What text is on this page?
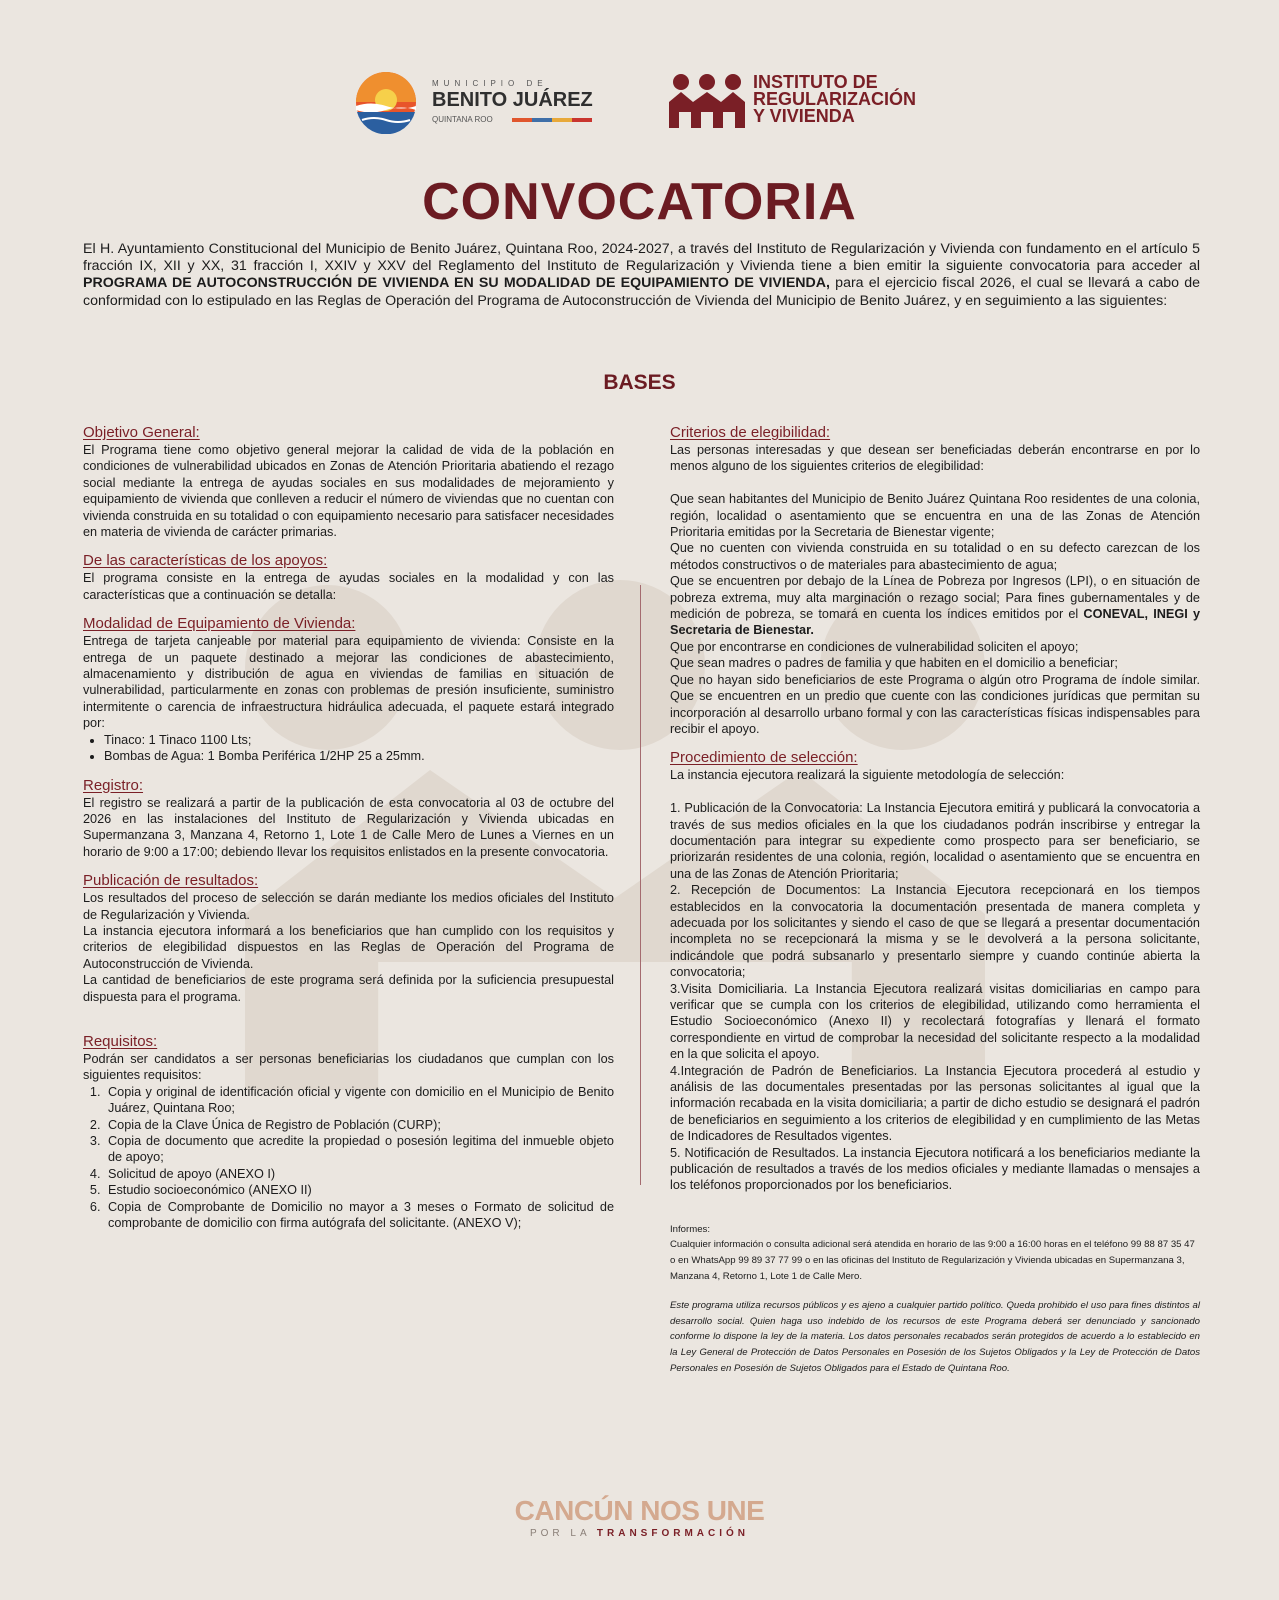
MUNICIPIO DE
BENITO JUÁREZ
QUINTANA ROO
INSTITUTO DE
REGULARIZACIÓN
Y VIVIENDA
CONVOCATORIA

El H. Ayuntamiento Constitucional del Municipio de Benito Juárez, Quintana Roo, 2024-2027, a través del Instituto de Regularización y Vivienda con fundamento en el artículo 5 fracción IX, XII y XX, 31 fracción I, XXIV y XXV del Reglamento del Instituto de Regularización y Vivienda tiene a bien emitir la siguiente convocatoria para acceder al PROGRAMA DE AUTOCONSTRUCCIÓN DE VIVIENDA EN SU MODALIDAD DE EQUIPAMIENTO DE VIVIENDA, para el ejercicio fiscal 2026, el cual se llevará a cabo de conformidad con lo estipulado en las Reglas de Operación del Programa de Autoconstrucción de Vivienda del Municipio de Benito Juárez, y en seguimiento a las siguientes:

BASES
Objetivo General:

El Programa tiene como objetivo general mejorar la calidad de vida de la población en condiciones de vulnerabilidad ubicados en Zonas de Atención Prioritaria abatiendo el rezago social mediante la entrega de ayudas sociales en sus modalidades de mejoramiento y equipamiento de vivienda que conlleven a reducir el número de viviendas que no cuentan con vivienda construida en su totalidad o con equipamiento necesario para satisfacer necesidades en materia de vivienda de carácter primarias.

De las características de los apoyos:

El programa consiste en la entrega de ayudas sociales en la modalidad y con las características que a continuación se detalla:

Modalidad de Equipamiento de Vivienda:

Entrega de tarjeta canjeable por material para equipamiento de vivienda: Consiste en la entrega de un paquete destinado a mejorar las condiciones de abastecimiento, almacenamiento y distribución de agua en viviendas de familias en situación de vulnerabilidad, particularmente en zonas con problemas de presión insuficiente, suministro intermitente o carencia de infraestructura hidráulica adecuada, el paquete estará integrado por:

• Tinaco: 1 Tinaco 1100 Lts;
• Bombas de Agua: 1 Bomba Periférica 1/2HP 25 a 25mm.
Registro:

El registro se realizará a partir de la publicación de esta convocatoria al 03 de octubre del 2026 en las instalaciones del Instituto de Regularización y Vivienda ubicadas en Supermanzana 3, Manzana 4, Retorno 1, Lote 1 de Calle Mero de Lunes a Viernes en un horario de 9:00 a 17:00; debiendo llevar los requisitos enlistados en la presente convocatoria.

Publicación de resultados:

Los resultados del proceso de selección se darán mediante los medios oficiales del Instituto de Regularización y Vivienda.

La instancia ejecutora informará a los beneficiarios que han cumplido con los requisitos y criterios de elegibilidad dispuestos en las Reglas de Operación del Programa de Autoconstrucción de Vivienda.

La cantidad de beneficiarios de este programa será definida por la suficiencia presupuestal dispuesta para el programa.

Requisitos:

Podrán ser candidatos a ser personas beneficiarias los ciudadanos que cumplan con los siguientes requisitos:

1. Copia y original de identificación oficial y vigente con domicilio en el Municipio de Benito Juárez, Quintana Roo;
2. Copia de la Clave Única de Registro de Población (CURP);
3. Copia de documento que acredite la propiedad o posesión legitima del inmueble objeto de apoyo;
4. Solicitud de apoyo (ANEXO I)
5. Estudio socioeconómico (ANEXO II)
6. Copia de Comprobante de Domicilio no mayor a 3 meses o Formato de solicitud de comprobante de domicilio con firma autógrafa del solicitante. (ANEXO V);
Criterios de elegibilidad:

Las personas interesadas y que desean ser beneficiadas deberán encontrarse en por lo menos alguno de los siguientes criterios de elegibilidad:

Que sean habitantes del Municipio de Benito Juárez Quintana Roo residentes de una colonia, región, localidad o asentamiento que se encuentra en una de las Zonas de Atención Prioritaria emitidas por la Secretaria de Bienestar vigente;

Que no cuenten con vivienda construida en su totalidad o en su defecto carezcan de los métodos constructivos o de materiales para abastecimiento de agua;

Que se encuentren por debajo de la Línea de Pobreza por Ingresos (LPI), o en situación de pobreza extrema, muy alta marginación o rezago social; Para fines gubernamentales y de medición de pobreza, se tomará en cuenta los índices emitidos por el CONEVAL, INEGI y Secretaria de Bienestar.

Que por encontrarse en condiciones de vulnerabilidad soliciten el apoyo;

Que sean madres o padres de familia y que habiten en el domicilio a beneficiar;

Que no hayan sido beneficiarios de este Programa o algún otro Programa de índole similar. Que se encuentren en un predio que cuente con las condiciones jurídicas que permitan su incorporación al desarrollo urbano formal y con las características físicas indispensables para recibir el apoyo.

Procedimiento de selección:

La instancia ejecutora realizará la siguiente metodología de selección:

1. Publicación de la Convocatoria: La Instancia Ejecutora emitirá y publicará la convocatoria a través de sus medios oficiales en la que los ciudadanos podrán inscribirse y entregar la documentación para integrar su expediente como prospecto para ser beneficiario, se priorizarán residentes de una colonia, región, localidad o asentamiento que se encuentra en una de las Zonas de Atención Prioritaria;

2. Recepción de Documentos: La Instancia Ejecutora recepcionará en los tiempos establecidos en la convocatoria la documentación presentada de manera completa y adecuada por los solicitantes y siendo el caso de que se llegará a presentar documentación incompleta no se recepcionará la misma y se le devolverá a la persona solicitante, indicándole que podrá subsanarlo y presentarlo siempre y cuando continúe abierta la convocatoria;

3.Visita Domiciliaria. La Instancia Ejecutora realizará visitas domiciliarias en campo para verificar que se cumpla con los criterios de elegibilidad, utilizando como herramienta el Estudio Socioeconómico (Anexo II) y recolectará fotografías y llenará el formato correspondiente en virtud de comprobar la necesidad del solicitante respecto a la modalidad en la que solicita el apoyo.

4.Integración de Padrón de Beneficiarios. La Instancia Ejecutora procederá al estudio y análisis de las documentales presentadas por las personas solicitantes al igual que la información recabada en la visita domiciliaria; a partir de dicho estudio se designará el padrón de beneficiarios en seguimiento a los criterios de elegibilidad y en cumplimiento de las Metas de Indicadores de Resultados vigentes.

5. Notificación de Resultados. La instancia Ejecutora notificará a los beneficiarios mediante la publicación de resultados a través de los medios oficiales y mediante llamadas o mensajes a los teléfonos proporcionados por los beneficiarios.

Informes:

Cualquier información o consulta adicional será atendida en horario de las 9:00 a 16:00 horas en el teléfono 99 88 87 35 47 o en WhatsApp 99 89 37 77 99 o en las oficinas del Instituto de Regularización y Vivienda ubicadas en Supermanzana 3, Manzana 4, Retorno 1, Lote 1 de Calle Mero.

Este programa utiliza recursos públicos y es ajeno a cualquier partido político. Queda prohibido el uso para fines distintos al desarrollo social. Quien haga uso indebido de los recursos de este Programa deberá ser denunciado y sancionado conforme lo dispone la ley de la materia. Los datos personales recabados serán protegidos de acuerdo a lo establecido en la Ley General de Protección de Datos Personales en Posesión de los Sujetos Obligados y la Ley de Protección de Datos Personales en Posesión de Sujetos Obligados para el Estado de Quintana Roo.
CANCÚN NOS UNE
POR LA TRANSFORMACIÓN
